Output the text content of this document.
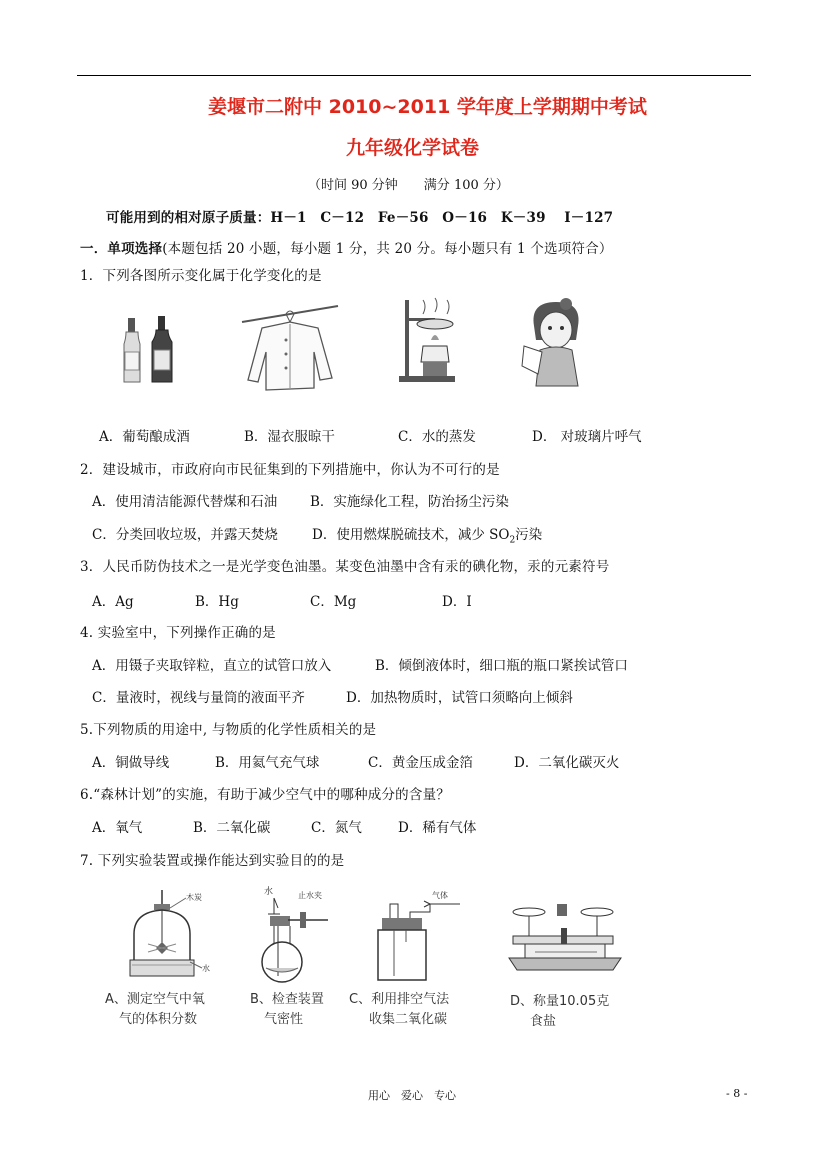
姜堰市二附中 2010~2011 学年度上学期期中考试
九年级化学试卷
（时间 90 分钟　　满分 100 分）
可能用到的相对原子质量：H－1　C－12　Fe－56　O－16　K－39　 I－127
一．单项选择(本题包括 20 小题，每小题 1 分，共 20 分。每小题只有 1 个选项符合）
1．下列各图所示变化属于化学变化的是
A．葡萄酿成酒	B．湿衣服晾干	C．水的蒸发	D． 对玻璃片呼气
2．建设城市，市政府向市民征集到的下列措施中，你认为不可行的是
A．使用清洁能源代替煤和石油 B．实施绿化工程，防治扬尘污染
C．分类回收垃圾，并露天焚烧	D．使用燃煤脱硫技术，减少 $SO_2$污染
3．人民币防伪技术之一是光学变色油墨。某变色油墨中含有汞的碘化物，汞的元素符号
A．Ag	B．Hg	C．Mg	D．I
4. 实验室中，下列操作正确的是
A．用镊子夹取锌粒，直立的试管口放入	B．倾倒液体时，细口瓶的瓶口紧挨试管口
C．量液时，视线与量筒的液面平齐	D．加热物质时，试管口须略向上倾斜
5.下列物质的用途中, 与物质的化学性质相关的是
A．铜做导线	B．用氦气充气球	C．黄金压成金箔	D．二氧化碳灭火
6.“森林计划”的实施，有助于减少空气中的哪种成分的含量？
A．氧气	B．二氧化碳	C．氮气	D．稀有气体
7. 下列实验装置或操作能达到实验目的的是
木炭
水
水	止水夹	气体
A、测定空气中氧
气的体积分数
B、检查装置
气密性
C、利用排空气法
收集二氧化碳
D、称量10.05克
食盐
用心　爱心　专心	- 8 -
